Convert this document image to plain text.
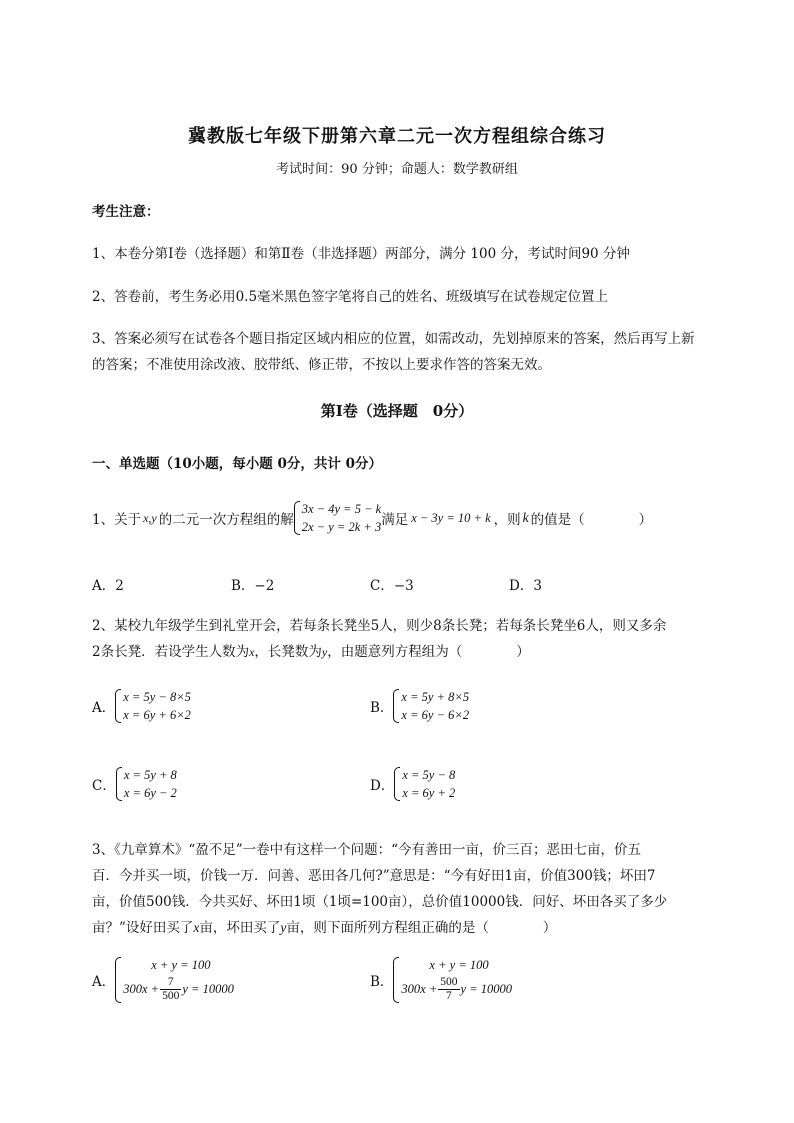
冀教版七年级下册第六章二元一次方程组综合练习
考试时间：90 分钟；命题人：数学教研组
考生注意：
1、本卷分第Ⅰ卷（选择题）和第Ⅱ卷（非选择题）两部分，满分 100 分，考试时间90 分钟
2、答卷前，考生务必用0.5毫米黑色签字笔将自己的姓名、班级填写在试卷规定位置上
3、答案必须写在试卷各个题目指定区域内相应的位置，如需改动，先划掉原来的答案，然后再写上新
的答案；不准使用涂改液、胶带纸、修正带，不按以上要求作答的答案无效。
第Ⅰ卷（选择题　0分）
一、单选题（10小题，每小题 0分，共计 0分）
1、关于 x,y 的二元一次方程组的解
3x − 4y = 5 − k
2x − y = 2k + 3 满足 x − 3y = 10 + k ，则 k 的值是（　　　　）
A．2	B．−2	C．−3	D．3
2、某校九年级学生到礼堂开会，若每条长凳坐5人，则少8条长凳；若每条长凳坐6人，则又多余
2条长凳．若设学生人数为x，长凳数为y，由题意列方程组为（　　　　）
A．
x = 5y − 8×5
x = 6y + 6×2	B．
x = 5y + 8×5
x = 6y − 6×2
C．
x = 5y + 8
x = 6y − 2	D．
x = 5y − 8
x = 6y + 2
3、《九章算术》“盈不足”一卷中有这样一个问题：“今有善田一亩，价三百；恶田七亩，价五
百．今并买一顷，价钱一万．问善、恶田各几何?”意思是：“今有好田1亩，价值300钱；坏田7
亩，价值500钱．今共买好、坏田1顷（1顷=100亩），总价值10000钱．问好、坏田各买了多少
亩？”设好田买了x亩，坏田买了y亩，则下面所列方程组正确的是（　　　　）
A．
x + y = 100
$300x + \frac{7}{500}$ y = 10000	B．
x + y = 100
$300x + \frac{500}{7}$ y = 10000
